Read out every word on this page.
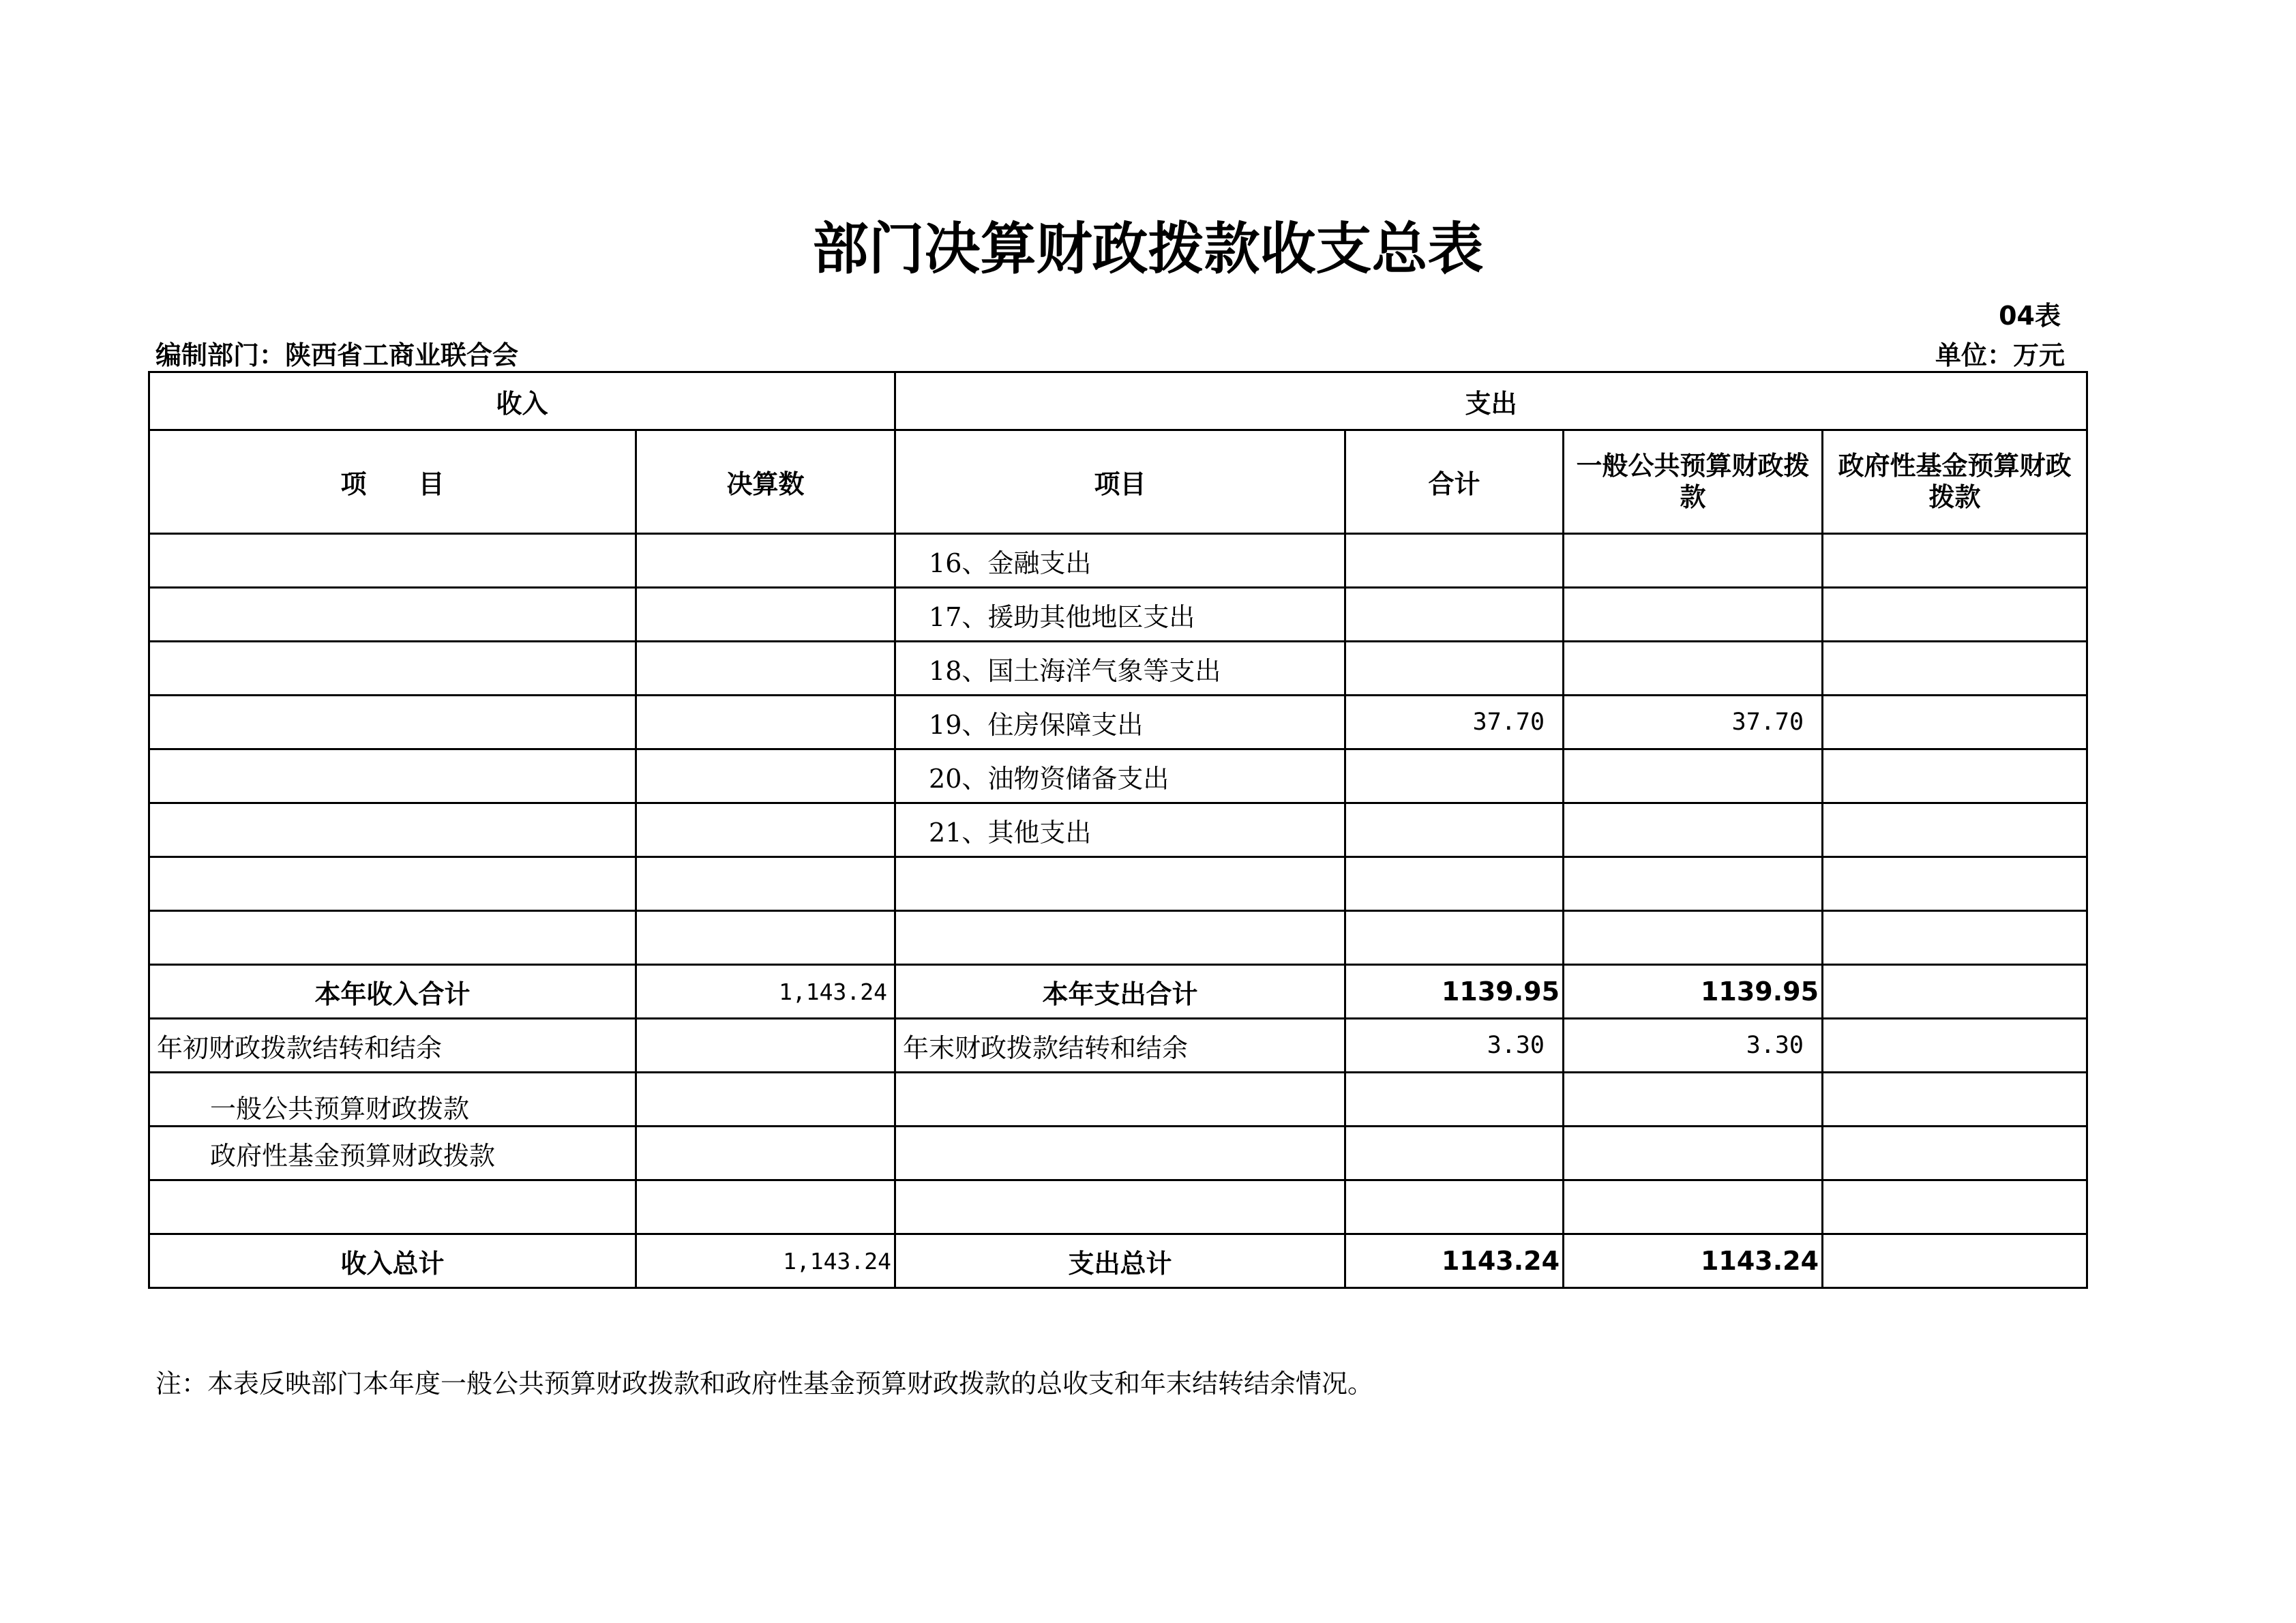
部门决算财政拨款收支总表
04表
编制部门：陕西省工商业联合会	单位：万元
收入		支出			
项　　目	决算数	项目	合计	一般公共预算财政拨款	政府性基金预算财政拨款
		16、金融支出			
		17、援助其他地区支出			
		18、国土海洋气象等支出			
		19、住房保障支出	37.70	37.70	
		20、油物资储备支出			
		21、其他支出			

本年收入合计	1,143.24	本年支出合计	1139.95	1139.95	
年初财政拨款结转和结余		年末财政拨款结转和结余	3.30	3.30	
一般公共预算财政拨款					
政府性基金预算财政拨款					

收入总计	1,143.24	支出总计	1143.24	1143.24	
注：本表反映部门本年度一般公共预算财政拨款和政府性基金预算财政拨款的总收支和年末结转结余情况。
